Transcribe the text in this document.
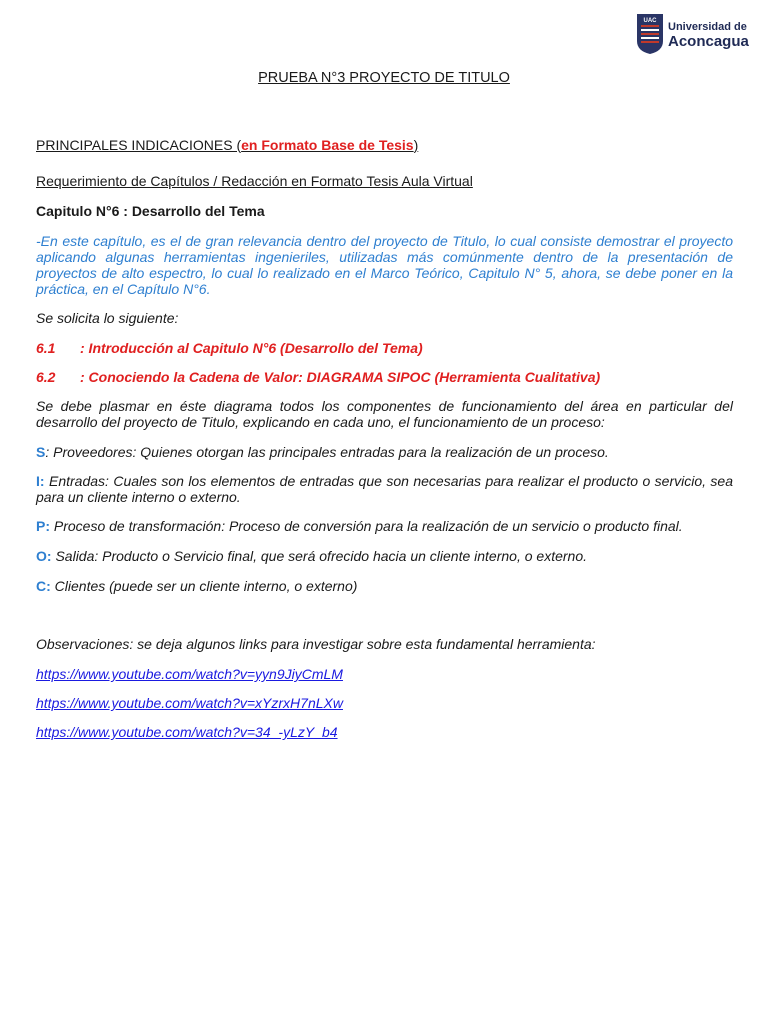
UAC Universidad de
Aconcagua
PRUEBA N°3 PROYECTO DE TITULO

PRINCIPALES INDICACIONES (en Formato Base de Tesis)

Requerimiento de Capítulos / Redacción en Formato Tesis Aula Virtual

Capitulo N°6 : Desarrollo del Tema

-En este capítulo, es el de gran relevancia dentro del proyecto de Titulo, lo cual consiste demostrar el proyecto aplicando algunas herramientas ingenieriles, utilizadas más comúnmente dentro de la presentación de proyectos de alto espectro, lo cual lo realizado en el Marco Teórico, Capitulo N° 5, ahora, se debe poner en la práctica, en el Capítulo N°6.

Se solicita lo siguiente:

6.1 : Introducción al Capitulo N°6 (Desarrollo del Tema)

6.2 : Conociendo la Cadena de Valor: DIAGRAMA SIPOC (Herramienta Cualitativa)

Se debe plasmar en éste diagrama todos los componentes de funcionamiento del área en particular del desarrollo del proyecto de Titulo, explicando en cada uno, el funcionamiento de un proceso:

S: Proveedores: Quienes otorgan las principales entradas para la realización de un proceso.

I: Entradas: Cuales son los elementos de entradas que son necesarias para realizar el producto o servicio, sea para un cliente interno o externo.

P: Proceso de transformación: Proceso de conversión para la realización de un servicio o producto final.

O: Salida: Producto o Servicio final, que será ofrecido hacia un cliente interno, o externo.

C: Clientes (puede ser un cliente interno, o externo)

Observaciones: se deja algunos links para investigar sobre esta fundamental herramienta:

https://www.youtube.com/watch?v=yyn9JiyCmLM

https://www.youtube.com/watch?v=xYzrxH7nLXw

https://www.youtube.com/watch?v=34_-yLzY_b4
